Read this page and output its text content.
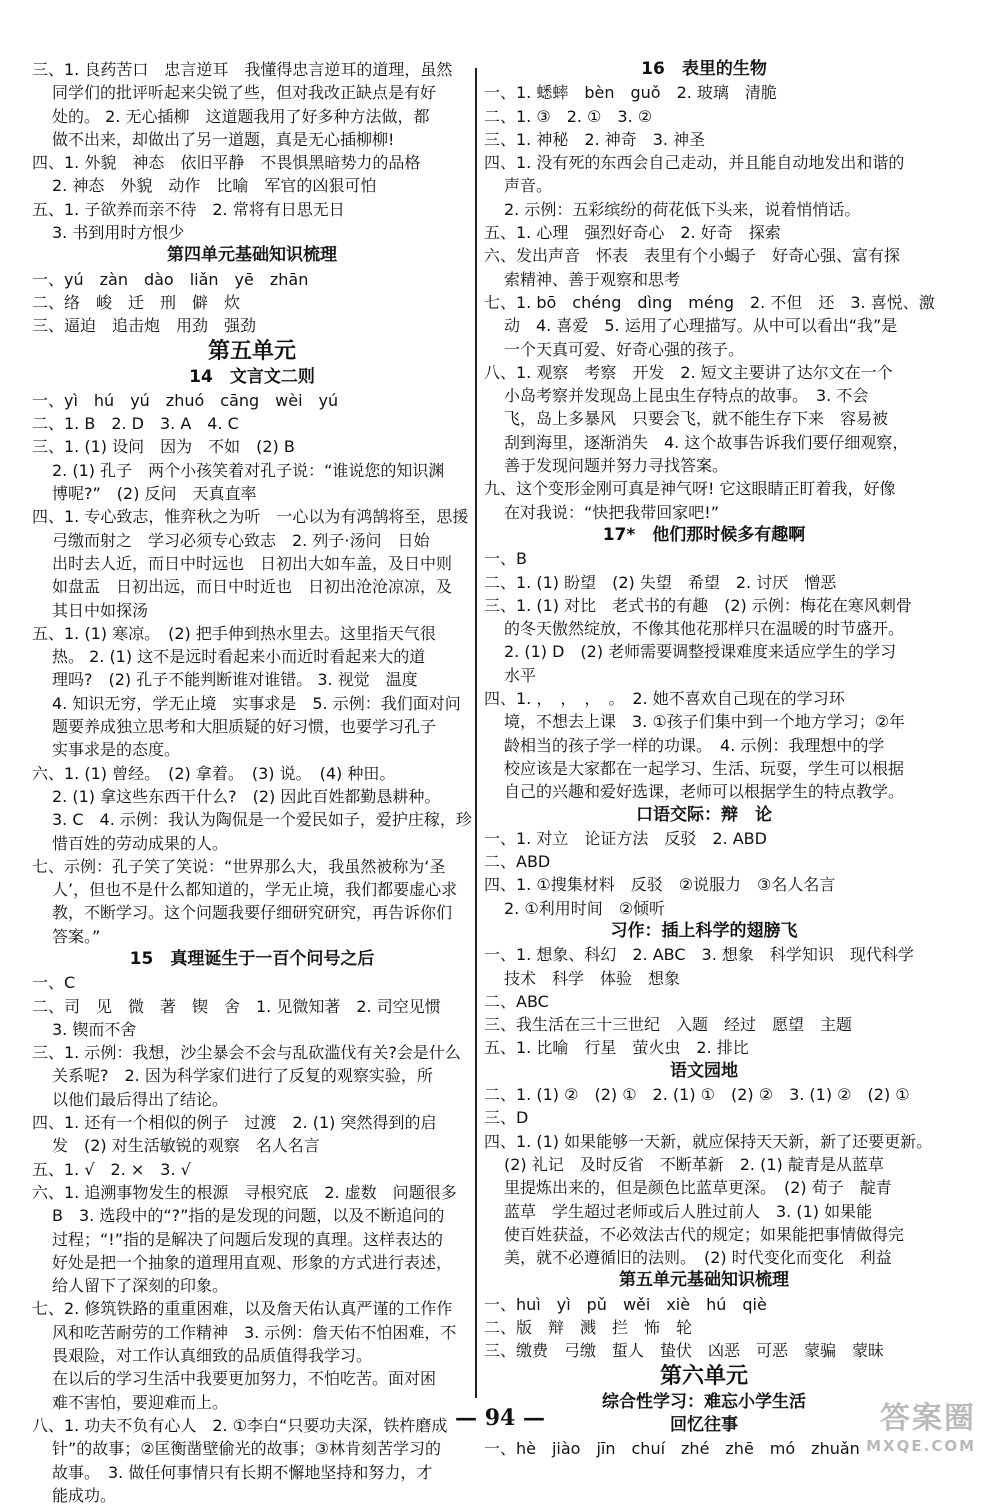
三、1. 良药苦口　忠言逆耳　我懂得忠言逆耳的道理，虽然
同学们的批评听起来尖锐了些，但对我改正缺点是有好
处的。 2. 无心插柳　这道题我用了好多种方法做，都
做不出来，却做出了另一道题，真是无心插柳柳!
四、1. 外貌　神态　依旧平静　不畏惧黑暗势力的品格
2. 神态　外貌　动作　比喻　军官的凶狠可怕
五、1. 子欲养而亲不待　2. 常将有日思无日
3. 书到用时方恨少
第四单元基础知识梳理
一、yú　zàn　dào　liǎn　yē　zhān
二、络　峻　迁　刑　僻　炊
三、逼迫　追击炮　用劲　强劲
第五单元
14　文言文二则
一、yì　hú　yú　zhuó　cāng　wèi　yú
二、1. B　2. D　3. A　4. C
三、1. (1) 设问　因为　不如　(2) B
2. (1) 孔子　两个小孩笑着对孔子说：“谁说您的知识渊
博呢?”　(2) 反问　天真直率
四、1. 专心致志，惟弈秋之为听　一心以为有鸿鹄将至，思援
弓缴而射之　学习必须专心致志　2. 列子·汤问　日始
出时去人近，而日中时远也　日初出大如车盖，及日中则
如盘盂　日初出远，而日中时近也　日初出沧沧凉凉，及
其日中如探汤
五、1. (1) 寒凉。　(2) 把手伸到热水里去。这里指天气很
热。 2. (1) 这不是远时看起来小而近时看起来大的道
理吗?　(2) 孔子不能判断谁对谁错。 3. 视觉　温度
4. 知识无穷，学无止境　实事求是　5. 示例：我们面对问
题要养成独立思考和大胆质疑的好习惯，也要学习孔子
实事求是的态度。
六、1. (1) 曾经。　(2) 拿着。　(3) 说。　(4) 种田。
2. (1) 拿这些东西干什么?　(2) 因此百姓都勤恳耕种。
3. C　4. 示例：我认为陶侃是一个爱民如子，爱护庄稼，珍
惜百姓的劳动成果的人。
七、示例：孔子笑了笑说：“世界那么大，我虽然被称为‘圣
人’，但也不是什么都知道的，学无止境，我们都要虚心求
教，不断学习。这个问题我要仔细研究研究，再告诉你们
答案。”
15　真理诞生于一百个问号之后
一、C
二、司　见　微　著　锲　舍　1. 见微知著　2. 司空见惯
3. 锲而不舍
三、1. 示例：我想，沙尘暴会不会与乱砍滥伐有关?会是什么
关系呢?　2. 因为科学家们进行了反复的观察实验，所
以他们最后得出了结论。
四、1. 还有一个相似的例子　过渡　2. (1) 突然得到的启
发　(2) 对生活敏锐的观察　名人名言
五、1. √　2. ×　3. √
六、1. 追溯事物发生的根源　寻根究底　2. 虚数　问题很多
B　3. 选段中的“?”指的是发现的问题，以及不断追问的
过程；“!”指的是解决了问题后发现的真理。这样表达的
好处是把一个抽象的道理用直观、形象的方式进行表述，
给人留下了深刻的印象。
七、2. 修筑铁路的重重困难，以及詹天佑认真严谨的工作作
风和吃苦耐劳的工作精神　3. 示例：詹天佑不怕困难，不
畏艰险，对工作认真细致的品质值得我学习。
在以后的学习生活中我要更加努力，不怕吃苦。面对困
难不害怕，要迎难而上。
八、1. 功夫不负有心人　2. ①李白“只要功夫深，铁杵磨成
针”的故事；②匡衡凿壁偷光的故事；③林肯刻苦学习的
故事。　3. 做任何事情只有长期不懈地坚持和努力，才
能成功。
16　表里的生物
一、1. 蟋蟀　bèn　guǒ　2. 玻璃　清脆
二、1. ③　2. ①　3. ②
三、1. 神秘　2. 神奇　3. 神圣
四、1. 没有死的东西会自己走动，并且能自动地发出和谐的
声音。
2. 示例：五彩缤纷的荷花低下头来，说着悄悄话。
五、1. 心理　强烈好奇心　2. 好奇　探索
六、发出声音　怀表　表里有个小蝎子　好奇心强、富有探
索精神、善于观察和思考
七、1. bō　chéng　dìng　méng　2. 不但　还　3. 喜悦、激
动　4. 喜爱　5. 运用了心理描写。从中可以看出“我”是
一个天真可爱、好奇心强的孩子。
八、1. 观察　考察　开发　2. 短文主要讲了达尔文在一个
小岛考察并发现岛上昆虫生存特点的故事。　3. 不会
飞，岛上多暴风　只要会飞，就不能生存下来　容易被
刮到海里，逐渐消失　4. 这个故事告诉我们要仔细观察，
善于发现问题并努力寻找答案。
九、这个变形金刚可真是神气呀! 它这眼睛正盯着我，好像
在对我说：“快把我带回家吧!”
17*　他们那时候多有趣啊
一、B
二、1. (1) 盼望　(2) 失望　希望　2. 讨厌　憎恶
三、1. (1) 对比　老式书的有趣　(2) 示例：梅花在寒风刺骨
的冬天傲然绽放，不像其他花那样只在温暖的时节盛开。
2. (1) D　(2) 老师需要调整授课难度来适应学生的学习
水平
四、1. ，　，　，　。　2. 她不喜欢自己现在的学习环
境，不想去上课　3. ①孩子们集中到一个地方学习；②年
龄相当的孩子学一样的功课。　4. 示例：我理想中的学
校应该是大家都在一起学习、生活、玩耍，学生可以根据
自己的兴趣和爱好选课，老师可以根据学生的特点教学。
口语交际：辩　论
一、1. 对立　论证方法　反驳　2. ABD
二、ABD
四、1. ①搜集材料　反驳　②说服力　③名人名言
2. ①利用时间　②倾听
习作：插上科学的翅膀飞
一、1. 想象、科幻　2. ABC　3. 想象　科学知识　现代科学
技术　科学　体验　想象
二、ABC
三、我生活在三十三世纪　入题　经过　愿望　主题
五、1. 比喻　行星　萤火虫　2. 排比
语文园地
二、1. (1) ②　(2) ①　2. (1) ①　(2) ②　3. (1) ②　(2) ①
三、D
四、1. (1) 如果能够一天新，就应保持天天新，新了还要更新。
(2) 礼记　及时反省　不断革新　2. (1) 靛青是从蓝草
里提炼出来的，但是颜色比蓝草更深。　(2) 荀子　靛青
蓝草　学生超过老师或后人胜过前人　3. (1) 如果能
使百姓获益，不必效法古代的规定；如果能把事情做得完
美，就不必遵循旧的法则。　(2) 时代变化而变化　利益
第五单元基础知识梳理
一、huì　yì　pǔ　wěi　xiè　hú　qiè
二、版　辩　溅　拦　怖　轮
三、缴费　弓缴　蜇人　蛰伏　凶恶　可恶　蒙骗　蒙昧
第六单元
综合性学习：难忘小学生活
回忆往事
一、hè　jiào　jīn　chuí　zhé　zhē　mó　zhuǎn
— 94 —	答案圈
MXQE.COM
